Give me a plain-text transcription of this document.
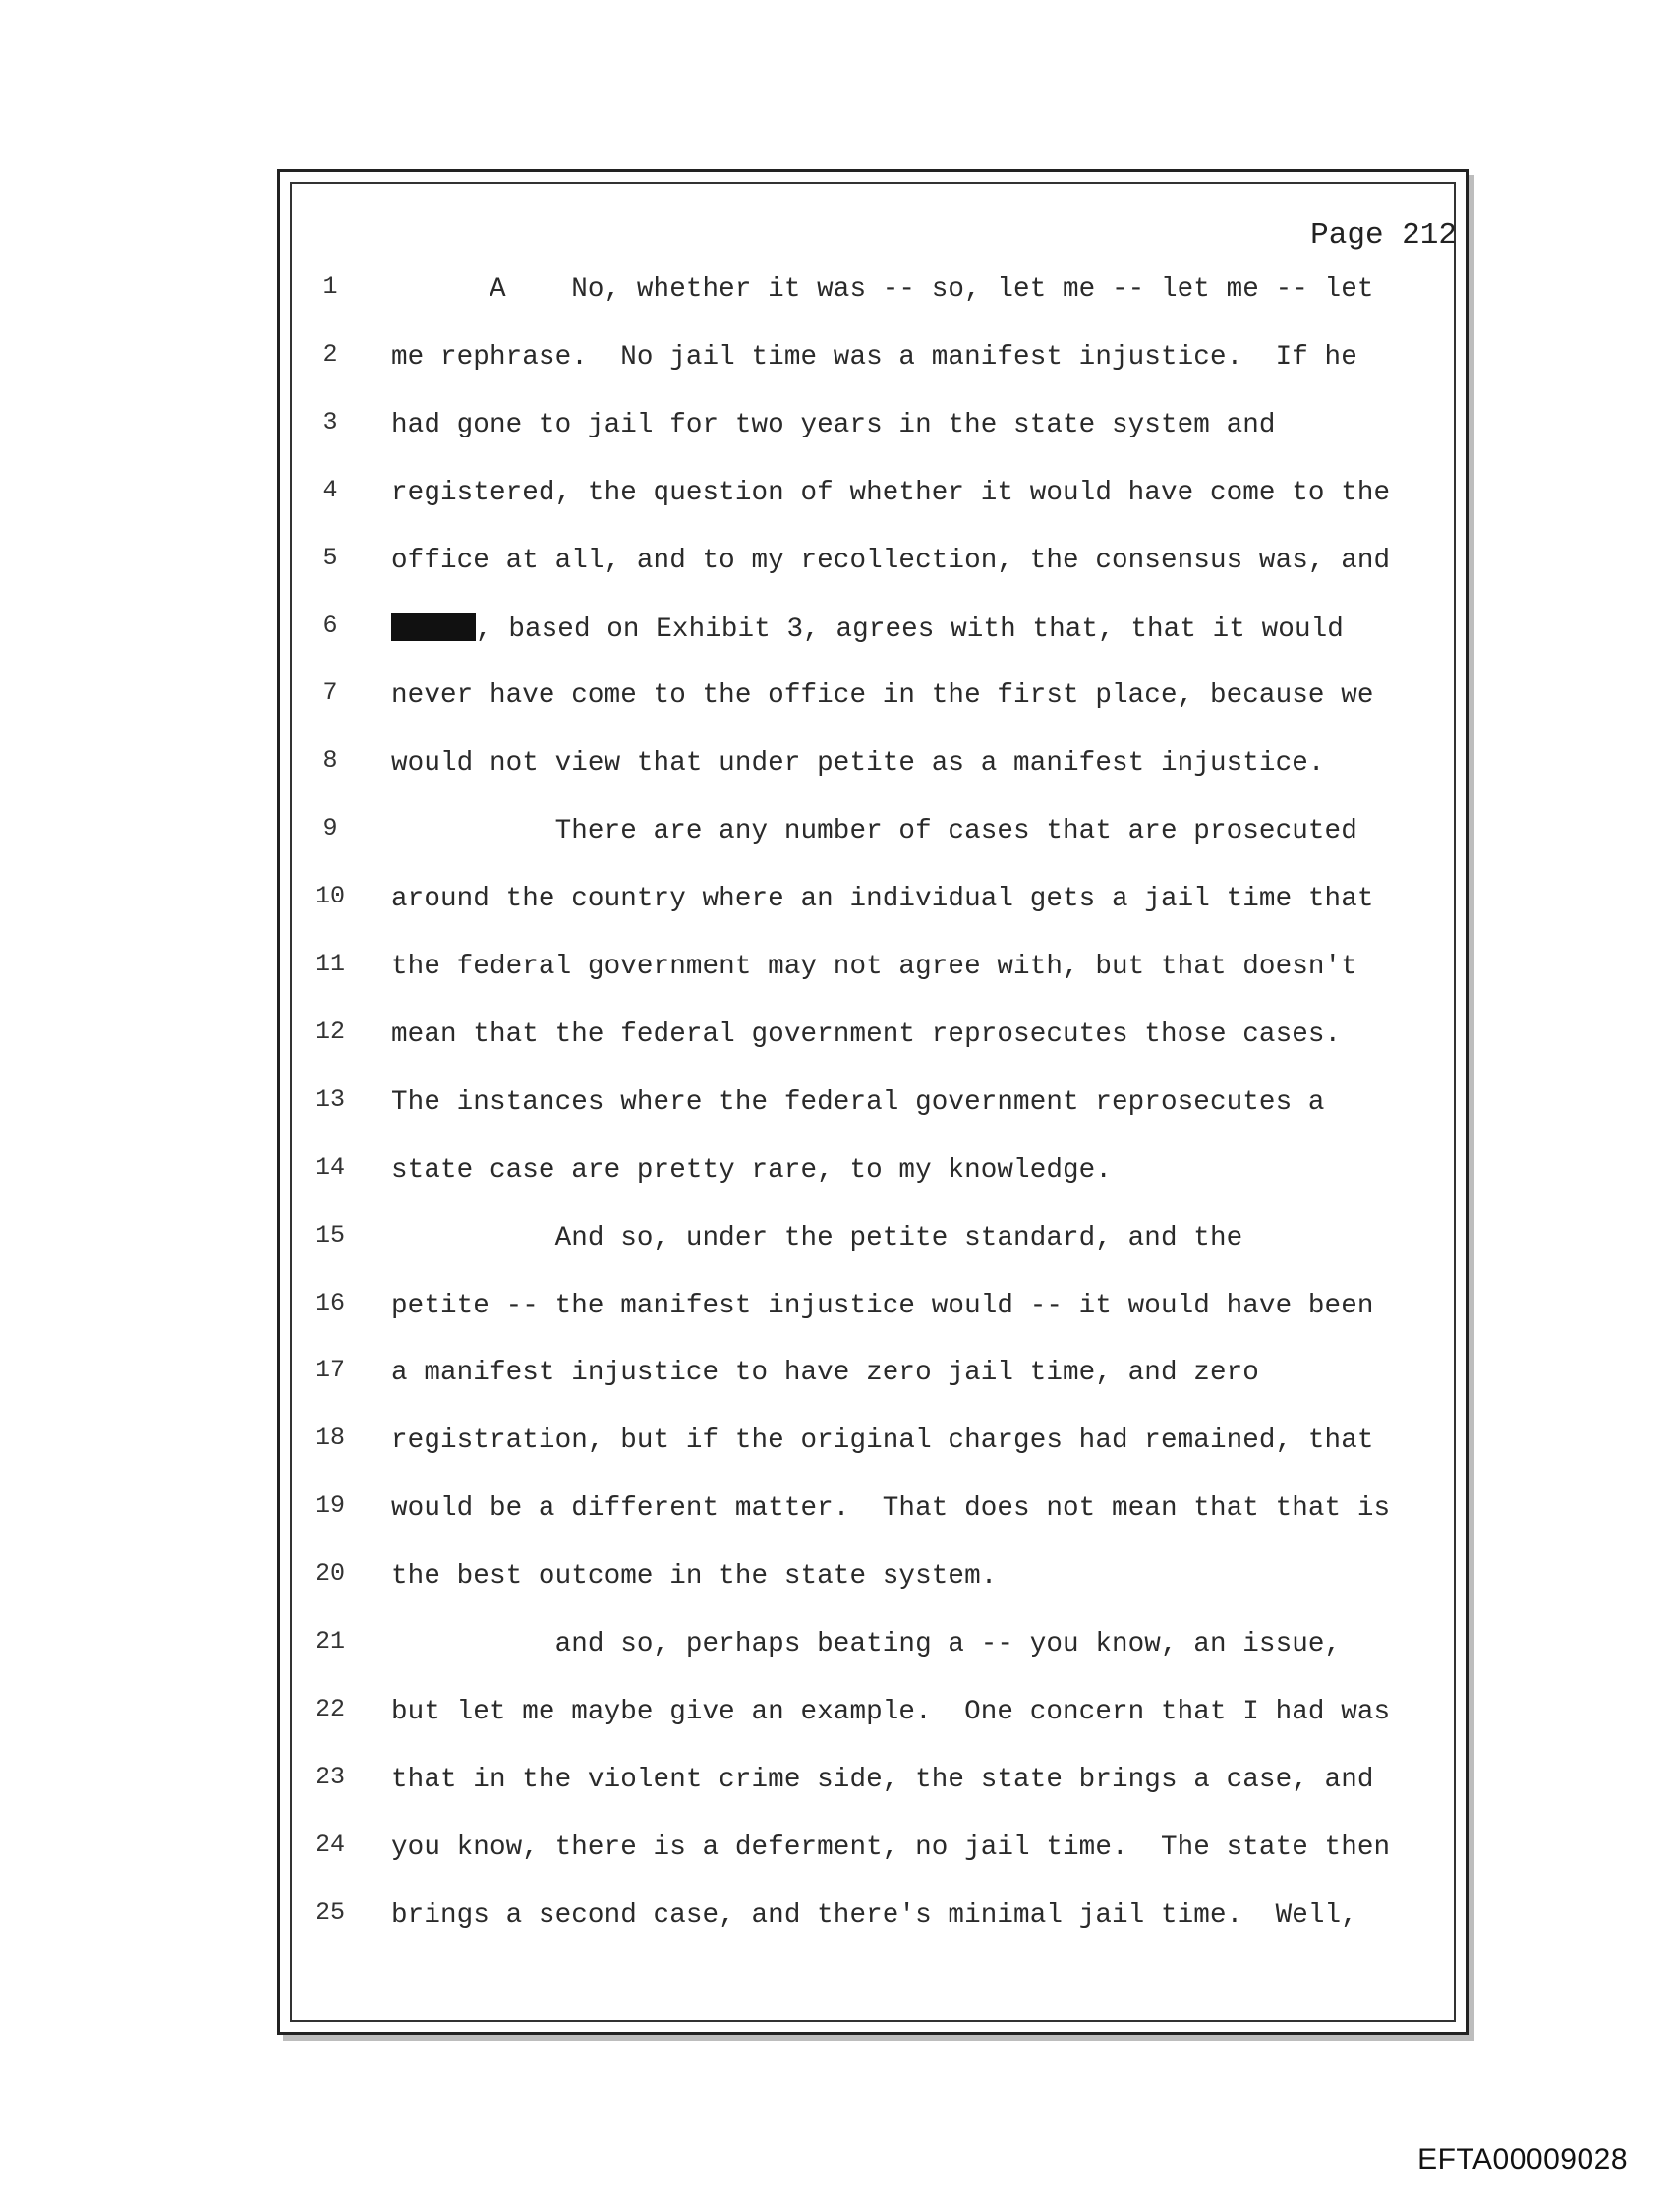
Page 212
1	A    No, whether it was -- so, let me -- let me -- let
2	me rephrase.  No jail time was a manifest injustice.  If he
3	had gone to jail for two years in the state system and
4	registered, the question of whether it would have come to the
5	office at all, and to my recollection, the consensus was, and
6	, based on Exhibit 3, agrees with that, that it would
7	never have come to the office in the first place, because we
8	would not view that under petite as a manifest injustice.
9	There are any number of cases that are prosecuted
10	around the country where an individual gets a jail time that
11	the federal government may not agree with, but that doesn't
12	mean that the federal government reprosecutes those cases.
13	The instances where the federal government reprosecutes a
14	state case are pretty rare, to my knowledge.
15	And so, under the petite standard, and the
16	petite -- the manifest injustice would -- it would have been
17	a manifest injustice to have zero jail time, and zero
18	registration, but if the original charges had remained, that
19	would be a different matter.  That does not mean that that is
20	the best outcome in the state system.
21	and so, perhaps beating a -- you know, an issue,
22	but let me maybe give an example.  One concern that I had was
23	that in the violent crime side, the state brings a case, and
24	you know, there is a deferment, no jail time.  The state then
25	brings a second case, and there's minimal jail time.  Well,
EFTA00009028
